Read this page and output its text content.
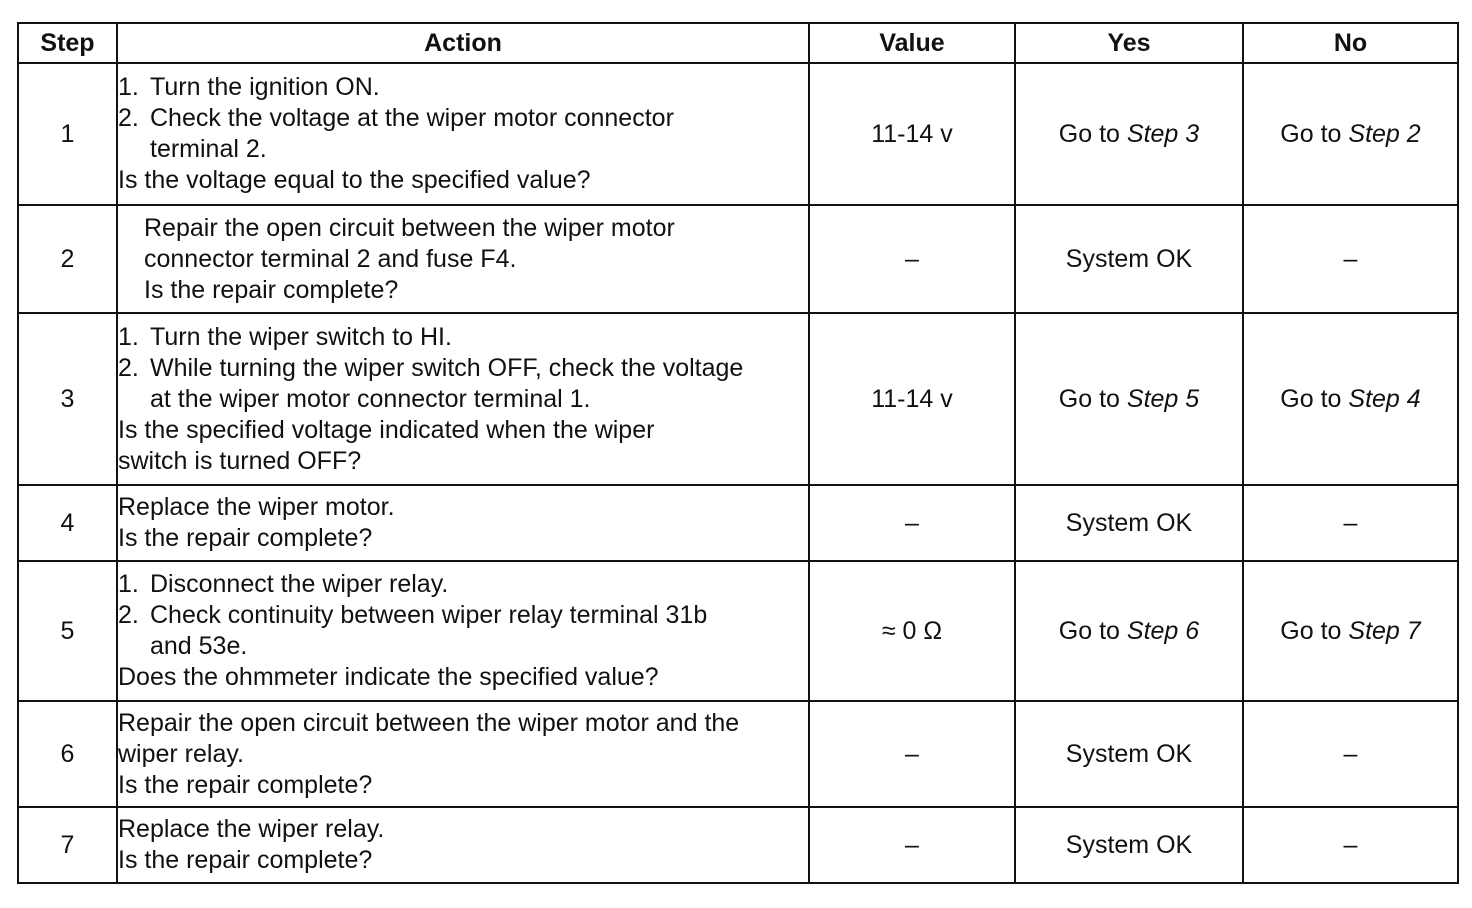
Step	Action	Value	Yes	No
1	1. Turn the ignition ON.
2. Check the voltage at the wiper motor connector terminal 2.
Is the voltage equal to the specified value?	11-14 v	Go to Step 3	Go to Step 2
2	Repair the open circuit between the wiper motor connector terminal 2 and fuse F4.
Is the repair complete?	–	System OK	–
3	1. Turn the wiper switch to HI.
2. While turning the wiper switch OFF, check the voltage at the wiper motor connector terminal 1.
Is the specified voltage indicated when the wiper switch is turned OFF?	11-14 v	Go to Step 5	Go to Step 4
4	Replace the wiper motor.
Is the repair complete?	–	System OK	–
5	1. Disconnect the wiper relay.
2. Check continuity between wiper relay terminal 31b and 53e.
Does the ohmmeter indicate the specified value?	≈ 0 Ω	Go to Step 6	Go to Step 7
6	Repair the open circuit between the wiper motor and the wiper relay.
Is the repair complete?	–	System OK	–
7	Replace the wiper relay.
Is the repair complete?	–	System OK	–
